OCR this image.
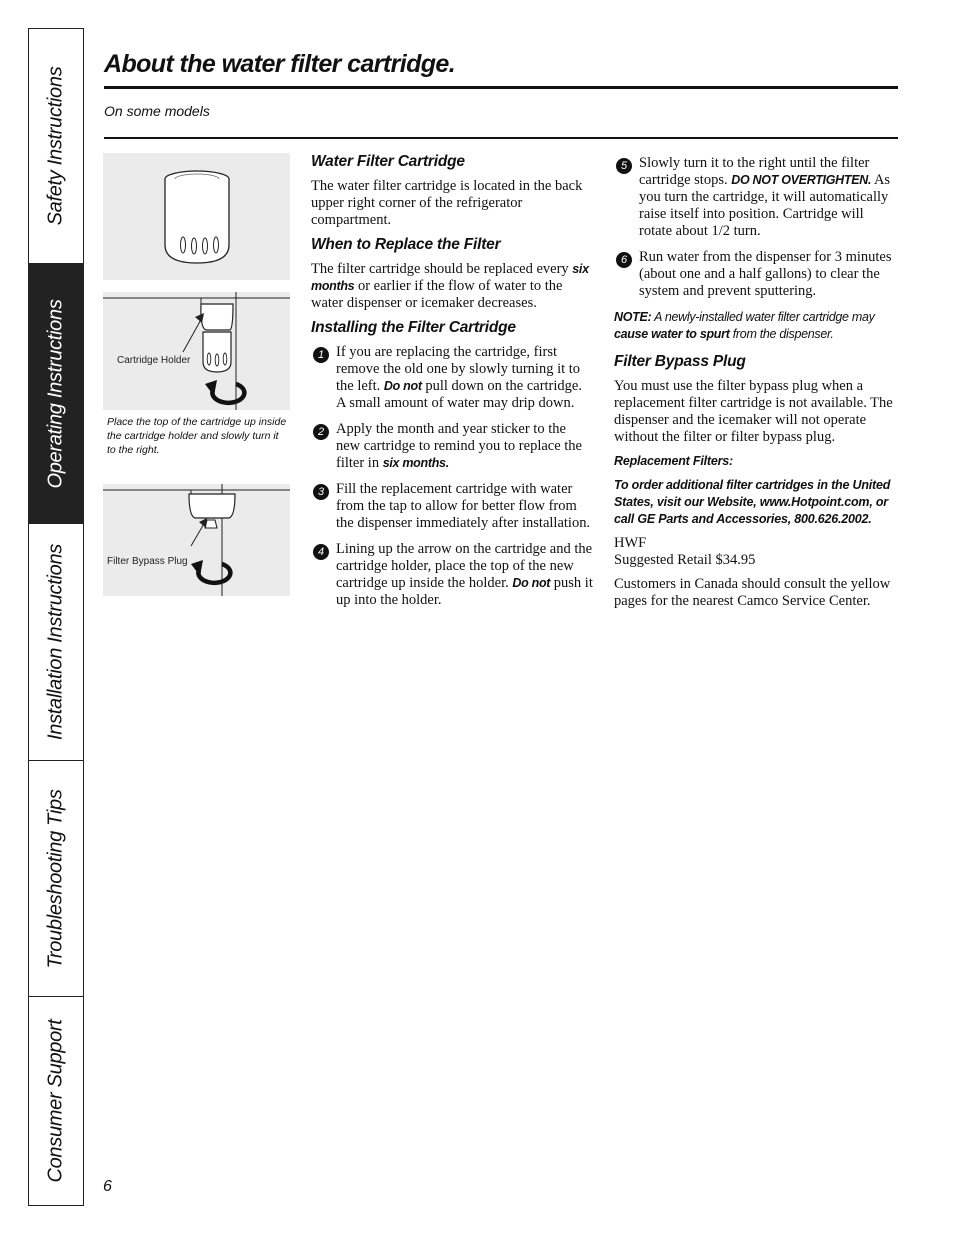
Safety Instructions
Operating Instructions
Installation Instructions
Troubleshooting Tips
Consumer Support
About the water filter cartridge.
On some models
Cartridge Holder
Place the top of the cartridge up inside the cartridge holder and slowly turn it to the right.
Filter Bypass Plug
Water Filter Cartridge

The water filter cartridge is located in the back upper right corner of the refrigerator compartment.

When to Replace the Filter

The filter cartridge should be replaced every six months or earlier if the flow of water to the water dispenser or icemaker decreases.

Installing the Filter Cartridge
1 If you are replacing the cartridge, first remove the old one by slowly turning it to the left. Do not pull down on the cartridge. A small amount of water may drip down.
2 Apply the month and year sticker to the new cartridge to remind you to replace the filter in six months.
3 Fill the replacement cartridge with water from the tap to allow for better flow from the dispenser immediately after installation.
4 Lining up the arrow on the cartridge and the cartridge holder, place the top of the new cartridge up inside the holder. Do not push it up into the holder.
5 Slowly turn it to the right until the filter cartridge stops. DO NOT OVERTIGHTEN. As you turn the cartridge, it will automatically raise itself into position. Cartridge will rotate about 1/2 turn.
6 Run water from the dispenser for 3 minutes (about one and a half gallons) to clear the system and prevent sputtering.

NOTE: A newly-installed water filter cartridge may cause water to spurt from the dispenser.

Filter Bypass Plug

You must use the filter bypass plug when a replacement filter cartridge is not available. The dispenser and the icemaker will not operate without the filter or filter bypass plug.

Replacement Filters:

To order additional filter cartridges in the United States, visit our Website, www.Hotpoint.com, or call GE Parts and Accessories, 800.626.2002.

HWF

Suggested Retail $34.95

Customers in Canada should consult the yellow pages for the nearest Camco Service Center.

6
